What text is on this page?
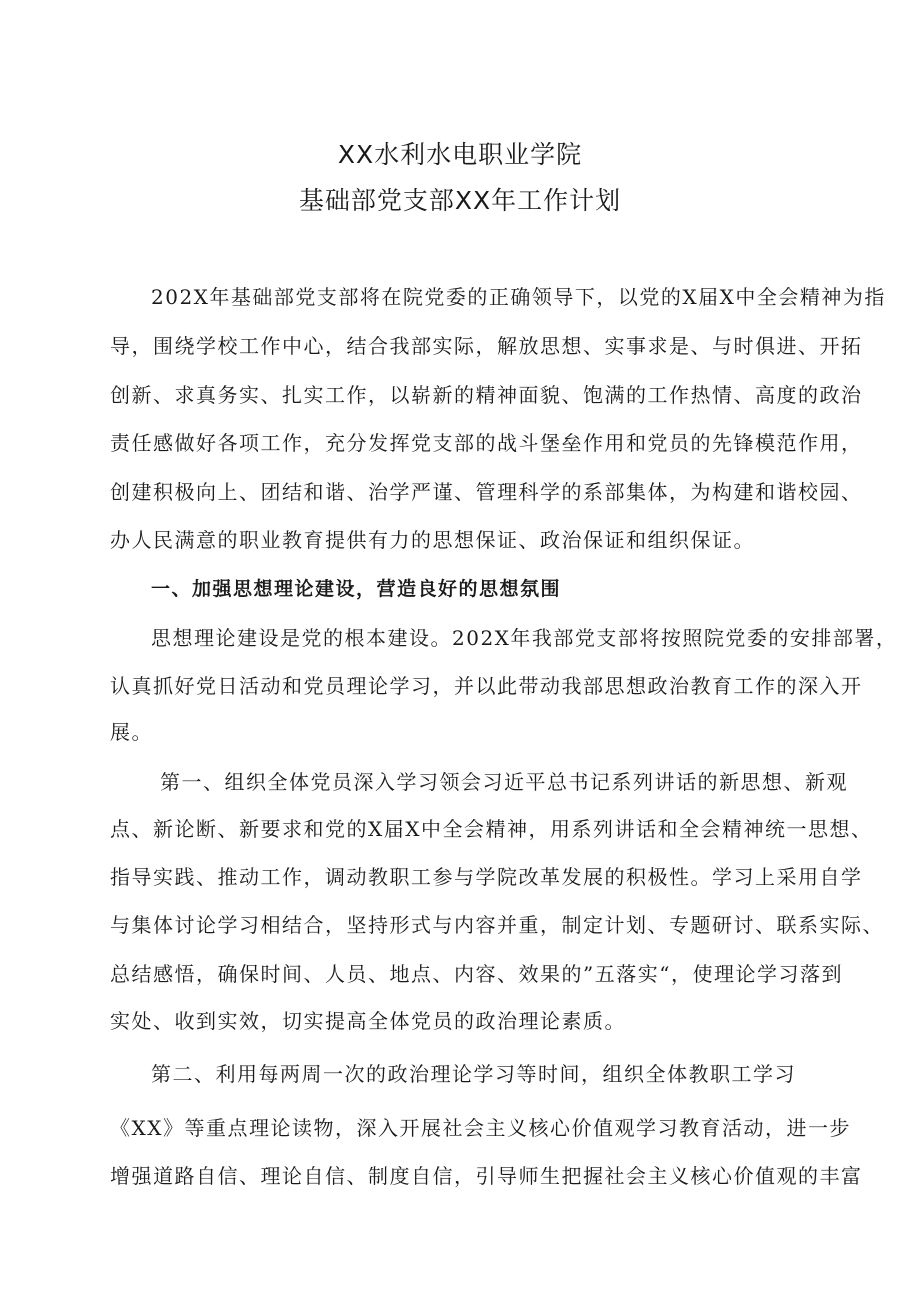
XX水利水电职业学院
基础部党支部XX年工作计划
202X年基础部党支部将在院党委的正确领导下，以党的X届X中全会精神为指
导，围绕学校工作中心，结合我部实际，解放思想、实事求是、与时俱进、开拓
创新、求真务实、扎实工作，以崭新的精神面貌、饱满的工作热情、高度的政治
责任感做好各项工作，充分发挥党支部的战斗堡垒作用和党员的先锋模范作用，
创建积极向上、团结和谐、治学严谨、管理科学的系部集体，为构建和谐校园、
办人民满意的职业教育提供有力的思想保证、政治保证和组织保证。
一、加强思想理论建设，营造良好的思想氛围
思想理论建设是党的根本建设。202X年我部党支部将按照院党委的安排部署，
认真抓好党日活动和党员理论学习，并以此带动我部思想政治教育工作的深入开
展。
第一、组织全体党员深入学习领会习近平总书记系列讲话的新思想、新观
点、新论断、新要求和党的X届X中全会精神，用系列讲话和全会精神统一思想、
指导实践、推动工作，调动教职工参与学院改革发展的积极性。学习上采用自学
与集体讨论学习相结合，坚持形式与内容并重，制定计划、专题研讨、联系实际、
总结感悟，确保时间、人员、地点、内容、效果的”五落实“，使理论学习落到
实处、收到实效，切实提高全体党员的政治理论素质。
第二、利用每两周一次的政治理论学习等时间，组织全体教职工学习
《XX》等重点理论读物，深入开展社会主义核心价值观学习教育活动，进一步
增强道路自信、理论自信、制度自信，引导师生把握社会主义核心价值观的丰富
